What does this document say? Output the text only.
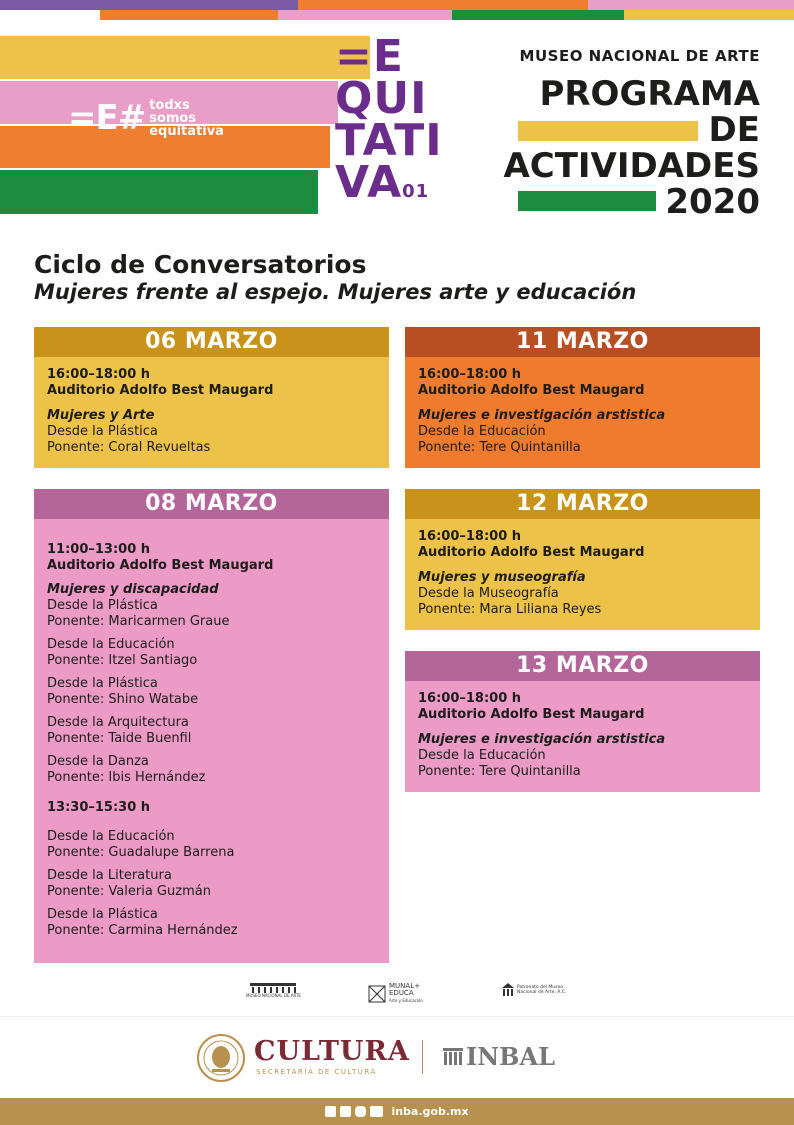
=E# todxs
somos
equitativa
=E
QUI
TATI
VA01
MUSEO NACIONAL DE ARTE
PROGRAMA
DE
ACTIVIDADES
2020
Ciclo de Conversatorios
Mujeres frente al espejo. Mujeres arte y educación
06 MARZO
16:00–18:00 h
Auditorio Adolfo Best Maugard
Mujeres y Arte
Desde la Plástica
Ponente: Coral Revueltas
11 MARZO
16:00–18:00 h
Auditorio Adolfo Best Maugard
Mujeres e investigación arstistica
Desde la Educación
Ponente: Tere Quintanilla
08 MARZO
11:00–13:00 h
Auditorio Adolfo Best Maugard
Mujeres y discapacidad
Desde la Plástica
Ponente: Maricarmen Graue
Desde la Educación
Ponente: Itzel Santiago
Desde la Plástica
Ponente: Shino Watabe
Desde la Arquitectura
Ponente: Taide Buenfil
Desde la Danza
Ponente: Ibis Hernández
13:30–15:30 h
Desde la Educación
Ponente: Guadalupe Barrena
Desde la Literatura
Ponente: Valeria Guzmán
Desde la Plástica
Ponente: Carmina Hernández
12 MARZO
16:00–18:00 h
Auditorio Adolfo Best Maugard
Mujeres y museografía
Desde la Museografía
Ponente: Mara Liliana Reyes
13 MARZO
16:00–18:00 h
Auditorio Adolfo Best Maugard
Mujeres e investigación arstistica
Desde la Educación
Ponente: Tere Quintanilla
MUSEO NACIONAL DE ARTE
MUNAL+
EDUCA
Arte y Educación
Patronato del Museo Nacional de Arte, A.C.
CULTURA
SECRETARÍA DE CULTURA
INBAL
inba.gob.mx
